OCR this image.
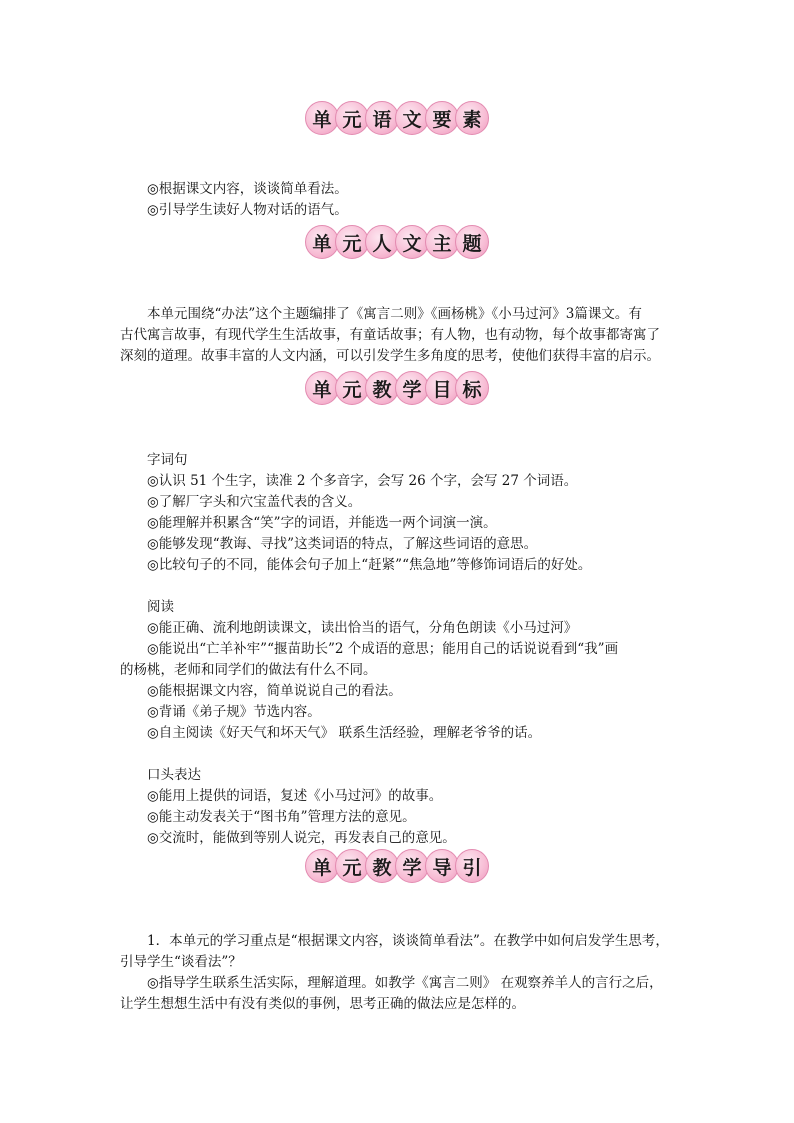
单 元 语 文 要 素
◎根据课文内容，谈谈简单看法。
◎引导学生读好人物对话的语气。
单 元 人 文 主 题
本单元围绕“办法”这个主题编排了《寓言二则》《画杨桃》《小马过河》3篇课文。有
古代寓言故事，有现代学生生活故事，有童话故事；有人物，也有动物，每个故事都寄寓了
深刻的道理。故事丰富的人文内涵，可以引发学生多角度的思考，使他们获得丰富的启示。
单 元 教 学 目 标
字词句
◎认识 51 个生字，读准 2 个多音字，会写 26 个字，会写 27 个词语。
◎了解厂字头和穴宝盖代表的含义。
◎能理解并积累含“笑”字的词语，并能选一两个词演一演。
◎能够发现“教诲、寻找”这类词语的特点，了解这些词语的意思。
◎比较句子的不同，能体会句子加上“赶紧”“焦急地”等修饰词语后的好处。
阅读
◎能正确、流利地朗读课文，读出恰当的语气，分角色朗读《小马过河》
◎能说出“亡羊补牢”“揠苗助长”2 个成语的意思；能用自己的话说说看到“我”画
的杨桃，老师和同学们的做法有什么不同。
◎能根据课文内容，简单说说自己的看法。
◎背诵《弟子规》节选内容。
◎自主阅读《好天气和坏天气》 联系生活经验，理解老爷爷的话。
口头表达
◎能用上提供的词语，复述《小马过河》的故事。
◎能主动发表关于“图书角”管理方法的意见。
◎交流时，能做到等别人说完，再发表自己的意见。
单 元 教 学 导 引
1．本单元的学习重点是“根据课文内容，谈谈简单看法”。在教学中如何启发学生思考，
引导学生“谈看法”？
◎指导学生联系生活实际，理解道理。如教学《寓言二则》 在观察养羊人的言行之后，
让学生想想生活中有没有类似的事例，思考正确的做法应是怎样的。
